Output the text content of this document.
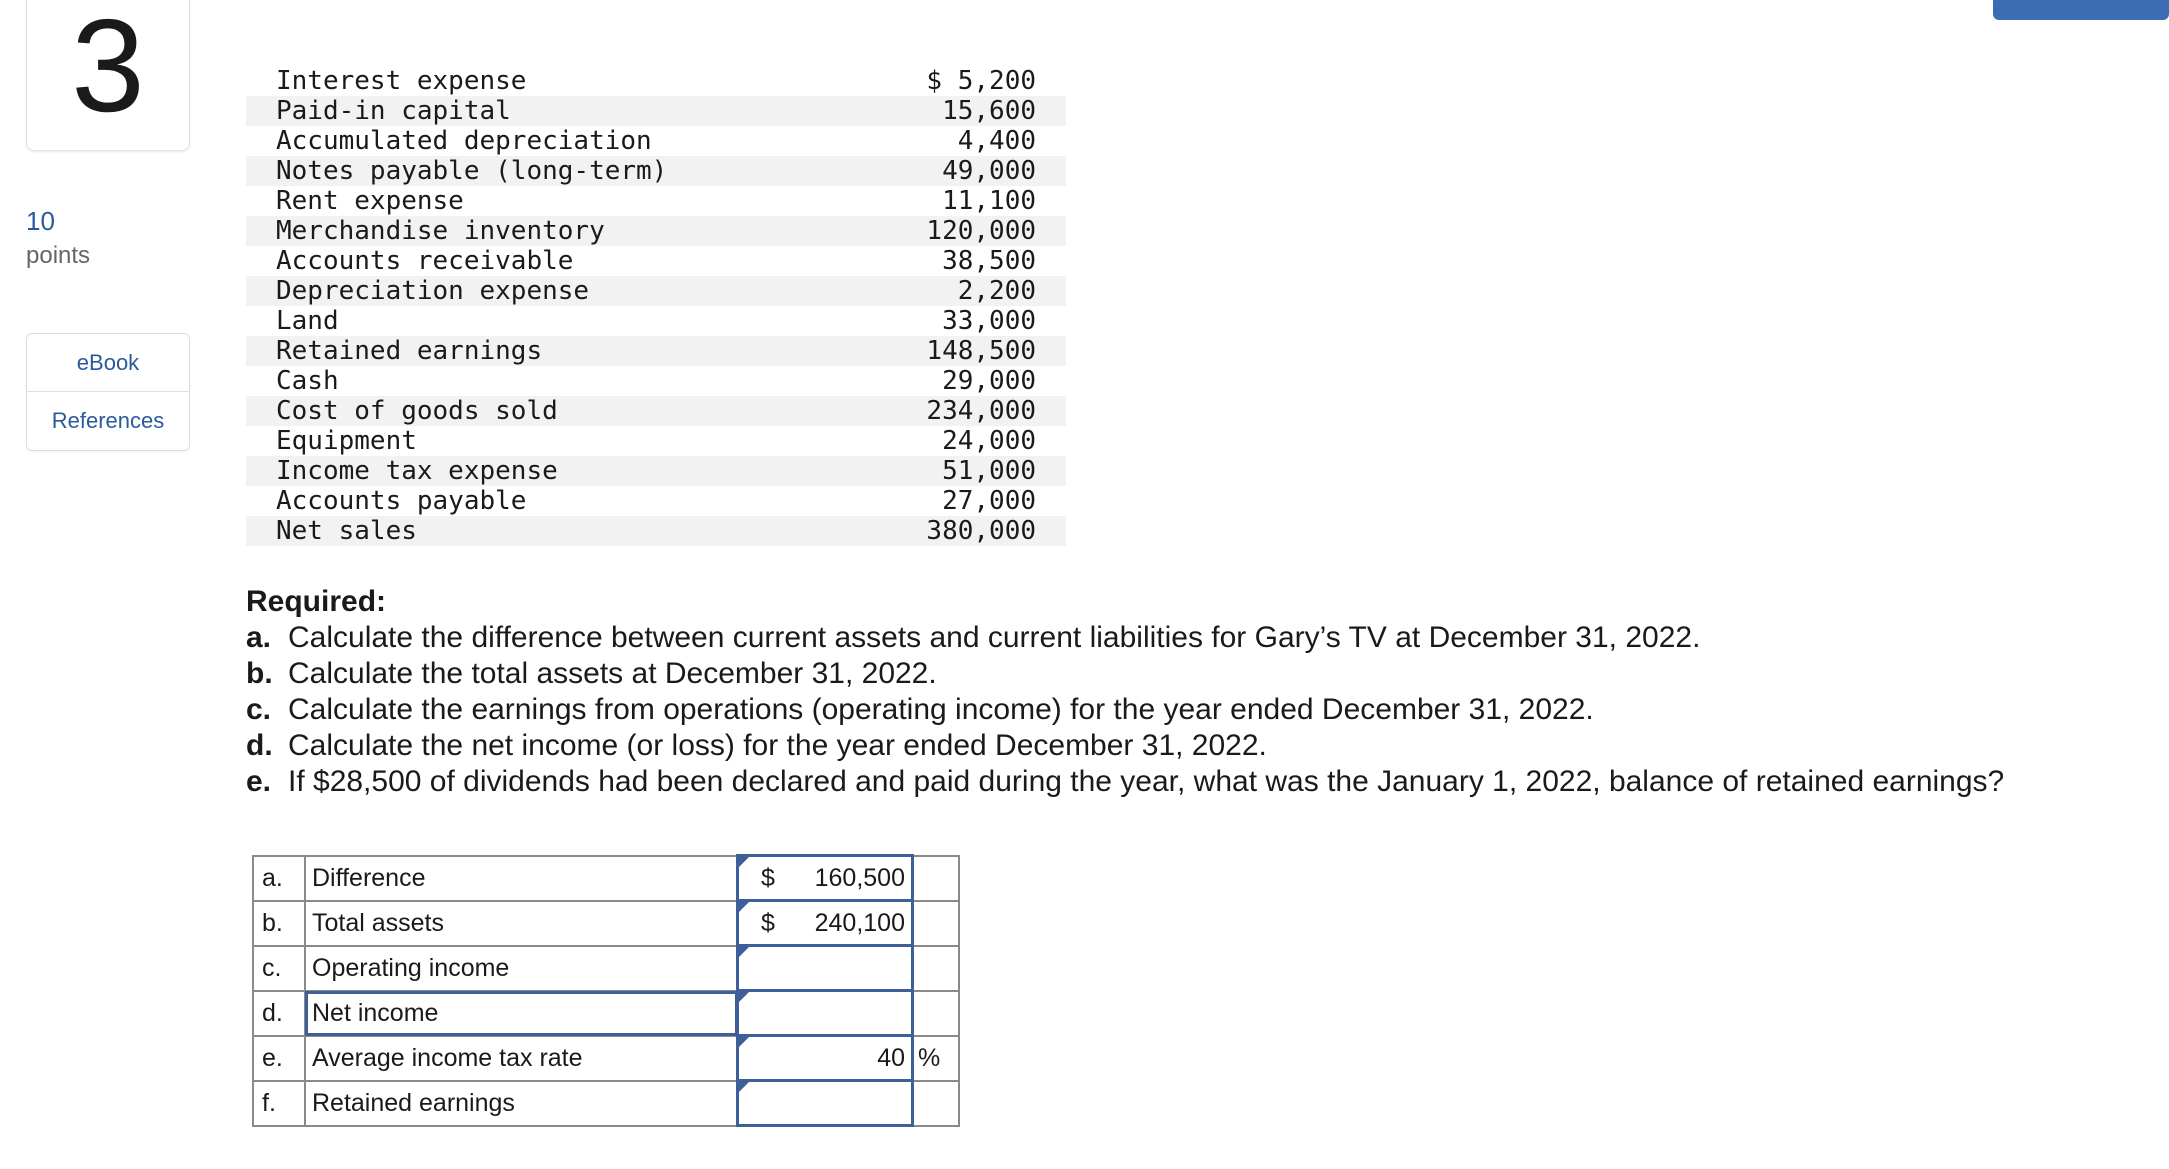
3
10
points
eBook
References
Interest expense	$ 5,200
Paid-in capital	15,600
Accumulated depreciation	4,400
Notes payable (long-term)	49,000
Rent expense	11,100
Merchandise inventory	120,000
Accounts receivable	38,500
Depreciation expense	2,200
Land	33,000
Retained earnings	148,500
Cash	29,000
Cost of goods sold	234,000
Equipment	24,000
Income tax expense	51,000
Accounts payable	27,000
Net sales	380,000
Required:
a. Calculate the difference between current assets and current liabilities for Gary’s TV at December 31, 2022.
b. Calculate the total assets at December 31, 2022.
c. Calculate the earnings from operations (operating income) for the year ended December 31, 2022.
d. Calculate the net income (or loss) for the year ended December 31, 2022.
e. If $28,500 of dividends had been declared and paid during the year, what was the January 1, 2022, balance of retained earnings?
a.	Difference	$ 160,500	

b.	Total assets	$ 240,100	

c.	Operating income	

d.	Net income	

e.	Average income tax rate	40	%
f.	Retained earnings	
